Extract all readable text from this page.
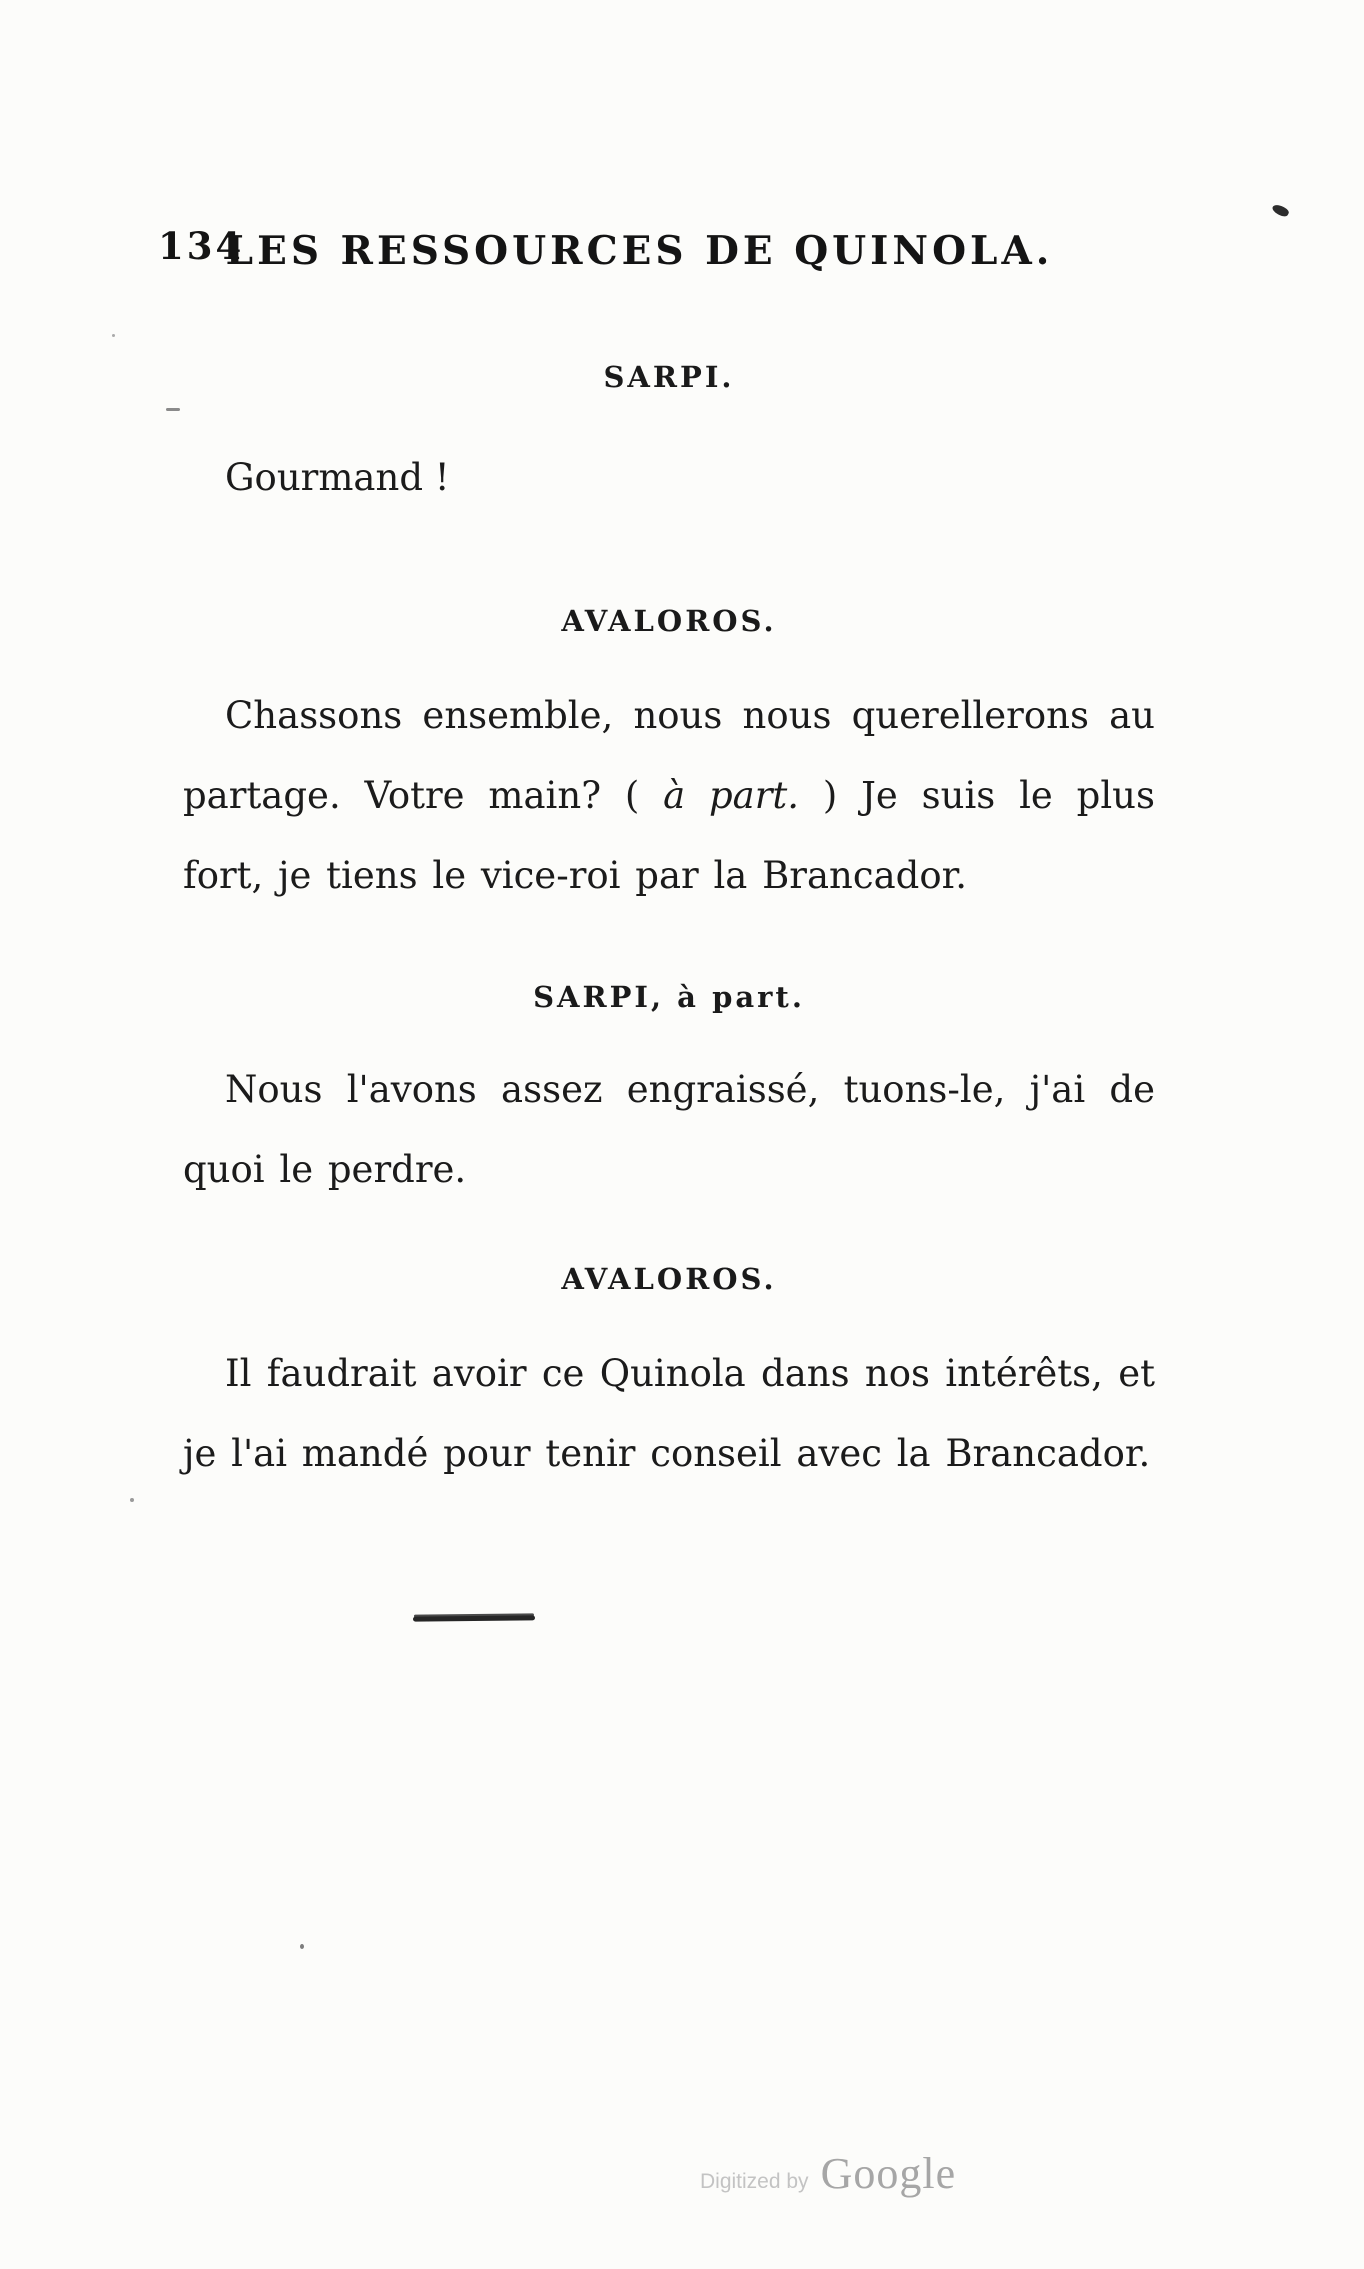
134
LES RESSOURCES DE QUINOLA.
SARPI.
Gourmand !
AVALOROS.
Chassons ensemble, nous nous querellerons au partage. Votre main? ( à part. ) Je suis le plus fort, je tiens le vice-roi par la Brancador.
SARPI, à part.
Nous l'avons assez engraissé, tuons-le, j'ai de quoi le perdre.
AVALOROS.
Il faudrait avoir ce Quinola dans nos intérêts, et je l'ai mandé pour tenir conseil avec la Brancador.
Digitized by Google
